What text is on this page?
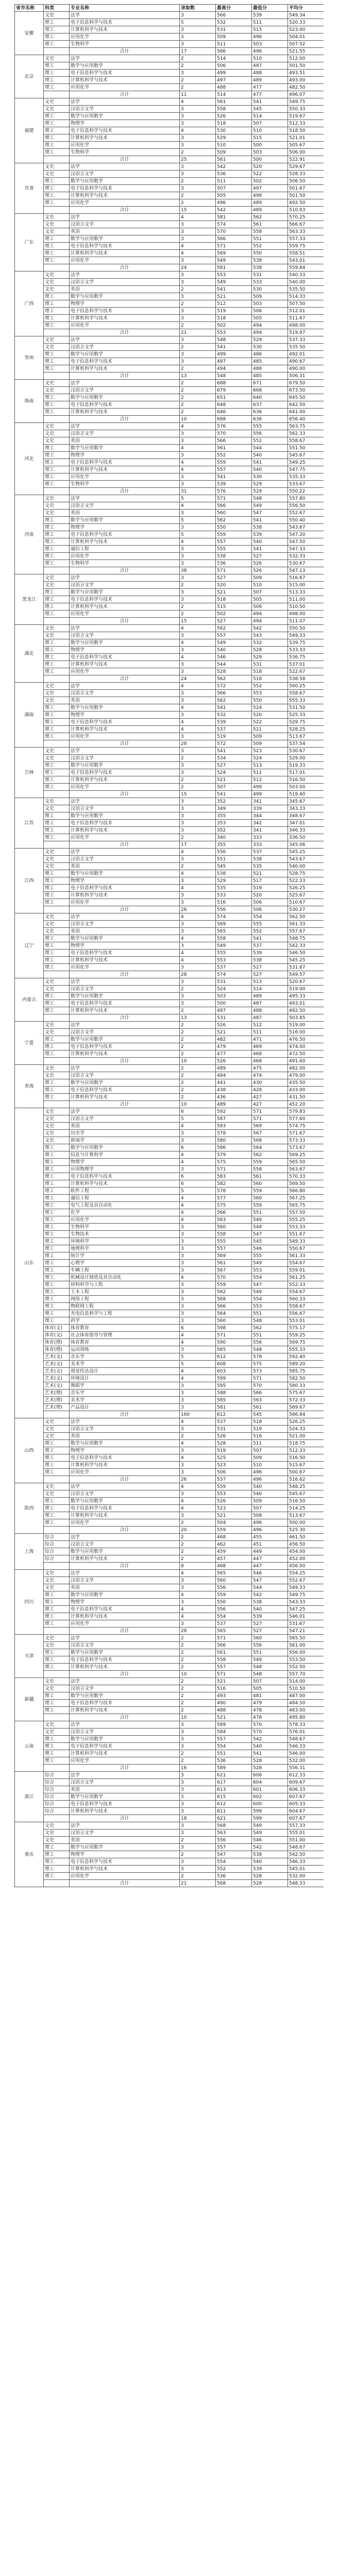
省市名称	科类	专业名称	录取数	最高分	最低分	平均分
安徽	文史	法学	3	566	539	549.34
	理工	电子信息科学与技术	5	532	511	520.33
	理工	计算机科学与技术	3	531	515	523.00
	理工	应用化学	3	509	496	504.01
	理工	生物科学	3	511	503	507.52
		合计	17	566	496	521.55
北京	文史	法学	2	514	510	512.00
	理工	数学与应用数学	2	506	497	501.50
	理工	电子信息科学与技术	3	499	488	493.51
	理工	计算机科学与技术	2	497	489	493.00
	理工	应用化学	2	488	477	482.50
		合计	11	514	477	496.07
福建	文史	法学	4	561	541	549.75
	文史	汉语言文学	3	558	545	550.33
	理工	数学与应用数学	3	526	514	519.67
	理工	物理学	3	518	507	512.33
	理工	电子信息科学与技术	4	530	510	518.50
	理工	计算机科学与技术	3	529	515	521.01
	理工	应用化学	3	510	500	505.67
	理工	生物科学	2	509	503	506.00
		合计	25	561	500	522.91
甘肃	文史	法学	3	542	520	529.67
	文史	汉语言文学	3	536	522	528.33
	理工	数学与应用数学	2	511	502	506.50
	理工	电子信息科学与技术	3	507	497	501.67
	理工	计算机科学与技术	2	505	498	501.50
	理工	应用化学	2	496	489	492.50
		合计	15	542	489	510.03
广东	文史	法学	4	581	562	570.25
	文史	汉语言文学	3	574	561	566.67
	文史	英语	3	570	558	563.33
	理工	数学与应用数学	3	566	551	557.33
	理工	电子信息科学与技术	4	571	552	559.75
	理工	计算机科学与技术	4	569	550	558.51
	理工	应用化学	3	549	538	543.01
		合计	24	581	538	559.84
广西	文史	法学	3	553	531	540.33
	文史	汉语言文学	3	549	533	540.00
	文史	英语	2	541	530	535.50
	理工	数学与应用数学	3	521	509	514.33
	理工	物理学	2	512	503	507.50
	理工	电子信息科学与技术	3	519	506	512.01
	理工	计算机科学与技术	3	518	505	511.67
	理工	应用化学	2	502	494	498.00
		合计	21	553	494	519.97
贵州	文史	法学	3	548	529	537.33
	文史	汉语言文学	2	541	530	535.50
	理工	数学与应用数学	3	499	486	492.01
	理工	电子信息科学与技术	3	497	485	490.67
	理工	计算机科学与技术	2	494	486	490.00
		合计	13	548	485	506.31
海南	文史	法学	2	688	671	679.50
	文史	汉语言文学	2	679	668	673.50
	理工	数学与应用数学	2	651	640	645.50
	理工	电子信息科学与技术	2	648	637	642.50
	理工	计算机科学与技术	2	646	636	641.00
		合计	10	688	636	656.40
河北	文史	法学	4	576	555	563.75
	文史	汉语言文学	3	570	556	562.33
	文史	英语	3	566	552	558.67
	理工	数学与应用数学	4	561	544	551.50
	理工	物理学	3	552	540	545.67
	理工	电子信息科学与技术	4	559	541	549.25
	理工	计算机科学与技术	4	557	540	547.75
	理工	应用化学	3	541	530	535.33
	理工	生物科学	3	539	529	533.67
		合计	31	576	529	550.22
河南	文史	法学	5	571	548	557.80
	文史	汉语言文学	4	566	549	556.50
	文史	英语	3	560	547	552.67
	理工	数学与应用数学	5	562	541	550.40
	理工	物理学	3	550	538	543.67
	理工	电子信息科学与技术	5	559	539	547.20
	理工	计算机科学与技术	4	557	540	547.50
	理工	通信工程	3	555	541	547.33
	理工	应用化学	3	538	527	532.33
	理工	生物科学	3	536	526	530.67
		合计	38	571	526	547.13
黑龙江	文史	法学	3	527	509	516.67
	文史	汉语言文学	2	520	510	515.00
	理工	数学与应用数学	3	521	507	513.33
	理工	电子信息科学与技术	3	518	505	511.00
	理工	计算机科学与技术	2	515	506	510.50
	理工	应用化学	2	502	494	498.00
		合计	15	527	494	511.07
湖北	文史	法学	4	562	542	550.50
	文史	汉语言文学	3	557	543	549.33
	理工	数学与应用数学	4	549	532	539.75
	理工	物理学	3	540	528	533.33
	理工	电子信息科学与技术	4	546	529	536.75
	理工	计算机科学与技术	3	544	531	537.01
	理工	应用化学	3	528	518	522.67
		合计	24	562	518	538.58
湖南	文史	法学	4	572	552	560.25
	文史	汉语言文学	3	566	553	558.67
	文史	英语	3	562	550	555.33
	理工	数学与应用数学	4	541	524	531.50
	理工	物理学	3	532	520	525.33
	理工	电子信息科学与技术	4	539	522	529.75
	理工	计算机科学与技术	4	537	521	528.25
	理工	应用化学	3	519	509	513.67
		合计	28	572	509	537.54
吉林	文史	法学	3	541	523	530.67
	文史	汉语言文学	2	534	524	529.00
	理工	数学与应用数学	3	527	513	519.33
	理工	电子信息科学与技术	3	524	511	517.01
	理工	计算机科学与技术	2	521	512	516.50
	理工	应用化学	2	507	499	503.00
		合计	15	541	499	519.40
江苏	文史	法学	3	352	341	345.67
	文史	汉语言文学	3	349	339	343.33
	理工	数学与应用数学	3	355	344	348.67
	理工	电子信息科学与技术	3	353	342	347.01
	理工	计算机科学与技术	3	352	341	346.33
	理工	应用化学	2	340	333	336.50
		合计	17	355	333	345.06
江西	文史	法学	4	556	537	545.25
	文史	汉语言文学	3	551	538	543.67
	文史	英语	2	545	535	540.00
	理工	数学与应用数学	4	538	521	528.75
	理工	物理学	3	529	517	522.33
	理工	电子信息科学与技术	4	535	519	526.25
	理工	计算机科学与技术	3	533	520	525.67
	理工	应用化学	3	516	506	510.67
		合计	26	556	506	530.27
辽宁	文史	法学	4	574	554	562.50
	文史	汉语言文学	3	569	555	561.33
	文史	英语	3	565	552	557.67
	理工	数学与应用数学	4	558	541	548.75
	理工	物理学	3	549	537	542.33
	理工	电子信息科学与技术	4	555	539	546.50
	理工	计算机科学与技术	4	553	538	545.25
	理工	应用化学	3	537	527	531.67
		合计	28	574	527	549.57
内蒙古	文史	法学	3	531	513	520.67
	文史	汉语言文学	2	524	514	519.00
	理工	数学与应用数学	3	503	489	495.33
	理工	电子信息科学与技术	3	500	487	493.01
	理工	计算机科学与技术	2	497	488	492.50
		合计	13	531	487	503.85
宁夏	文史	法学	2	526	512	519.00
	文史	汉语言文学	2	521	511	516.00
	理工	数学与应用数学	2	482	471	476.50
	理工	电子信息科学与技术	2	479	469	474.00
	理工	计算机科学与技术	2	477	468	472.50
		合计	10	526	468	491.60
青海	文史	法学	2	489	475	482.00
	文史	汉语言文学	2	484	474	479.00
	理工	数学与应用数学	2	441	430	435.50
	理工	电子信息科学与技术	2	438	428	433.00
	理工	计算机科学与技术	2	436	427	431.50
		合计	10	489	427	452.20
山东	文史	法学	6	592	571	579.83
	文史	汉语言文学	5	587	571	577.60
	文史	英语	4	583	569	574.75
	文史	历史学	3	578	567	571.67
	文史	新闻学	3	580	568	573.33
	理工	数学与应用数学	6	586	564	573.67
	理工	信息与计算科学	4	579	562	569.25
	理工	物理学	4	575	559	565.50
	理工	应用物理学	3	571	558	563.67
	理工	电子信息科学与技术	6	583	561	570.33
	理工	计算机科学与技术	6	582	560	569.50
	理工	软件工程	5	578	559	566.80
	理工	通信工程	4	577	560	567.25
	理工	电气工程及其自动化	4	575	559	565.75
	理工	化学	4	566	551	557.50
	理工	应用化学	4	563	549	555.25
	理工	生物科学	3	560	548	553.33
	理工	生物技术	3	558	547	551.67
	理工	环境科学	3	555	545	549.33
	理工	地理科学	3	557	546	550.67
	理工	统计学	3	569	555	561.33
	理工	心理学	3	561	549	554.67
	理工	车辆工程	3	567	553	559.01
	理工	机械设计制造及其自动化	4	570	554	561.25
	理工	材料科学与工程	3	559	547	552.33
	理工	土木工程	3	562	549	554.67
	理工	网络工程	3	568	554	560.33
	理工	物联网工程	3	566	553	558.67
	理工	光电信息科学与工程	3	564	551	556.67
	理工	药学	3	560	548	553.01
	体育(文)	体育教育	6	598	562	575.17
	体育(文)	社会体育指导与管理	4	571	551	559.25
	体育(理)	体育教育	4	590	556	569.75
	体育(理)	运动训练	3	565	548	555.33
	艺术(文)	音乐学	5	612	578	592.40
	艺术(文)	美术学	5	608	575	589.20
	艺术(文)	视觉传达设计	4	603	573	585.75
	艺术(文)	环境设计	4	599	571	582.50
	艺术(文)	舞蹈学	3	595	570	580.33
	艺术(理)	音乐学	3	588	566	575.67
	艺术(理)	美术学	3	585	563	572.33
	艺术(理)	产品设计	3	581	561	569.67
		合计	160	612	545	566.84
山西	文史	法学	4	537	518	526.25
	文史	汉语言文学	3	531	519	524.33
	文史	英语	2	526	516	521.00
	理工	数学与应用数学	4	528	511	518.75
	理工	物理学	3	519	507	512.33
	理工	电子信息科学与技术	4	525	509	516.50
	理工	计算机科学与技术	3	523	510	515.67
	理工	应用化学	3	506	496	500.67
		合计	26	537	496	516.62
陕西	文史	法学	4	559	540	548.25
	文史	汉语言文学	3	553	540	545.67
	理工	数学与应用数学	4	526	509	516.50
	理工	电子信息科学与技术	4	523	507	514.25
	理工	计算机科学与技术	3	521	508	513.67
	理工	应用化学	2	504	496	500.00
		合计	20	559	496	525.30
上海	综合	法学	2	468	455	461.50
	综合	汉语言文学	2	462	451	456.50
	综合	数学与应用数学	2	459	449	454.00
	综合	计算机科学与技术	2	457	447	452.00
		合计	8	468	447	456.00
四川	文史	法学	4	565	546	554.25
	文史	汉语言文学	3	560	547	552.67
	文史	英语	3	556	544	549.33
	理工	数学与应用数学	4	559	542	549.75
	理工	物理学	3	550	538	543.33
	理工	电子信息科学与技术	4	556	540	547.25
	理工	计算机科学与技术	4	554	539	546.01
	理工	应用化学	3	537	527	531.67
		合计	28	565	527	547.21
天津	文史	法学	2	571	560	565.50
	文史	汉语言文学	2	566	556	561.00
	理工	数学与应用数学	2	561	551	556.00
	理工	电子信息科学与技术	2	558	549	553.50
	理工	计算机科学与技术	2	557	548	552.50
		合计	10	571	548	557.70
新疆	文史	法学	2	521	507	514.00
	文史	汉语言文学	2	516	505	510.50
	理工	数学与应用数学	2	493	481	487.00
	理工	电子信息科学与技术	2	490	479	484.50
	理工	计算机科学与技术	2	488	478	483.00
		合计	10	521	478	495.80
云南	文史	法学	3	589	570	578.33
	文史	汉语言文学	3	584	570	576.01
	理工	数学与应用数学	3	557	542	548.67
	理工	电子信息科学与技术	3	554	540	546.33
	理工	计算机科学与技术	2	551	541	546.00
	理工	应用化学	2	536	528	532.00
		合计	16	589	528	556.31
浙江	综合	法学	3	621	606	612.33
	综合	汉语言文学	3	617	604	609.67
	综合	英语	3	613	601	606.33
	综合	数学与应用数学	3	615	602	607.67
	综合	电子信息科学与技术	3	612	600	605.33
	综合	计算机科学与技术	3	611	599	604.67
		合计	18	621	599	607.67
重庆	文史	法学	3	568	549	557.33
	文史	汉语言文学	3	563	549	555.01
	文史	英语	2	556	546	551.00
	理工	数学与应用数学	3	557	542	548.67
	理工	物理学	2	547	538	542.50
	理工	电子信息科学与技术	3	554	540	546.33
	理工	计算机科学与技术	3	552	539	545.01
	理工	应用化学	2	536	528	532.00
		合计	21	568	528	548.33
